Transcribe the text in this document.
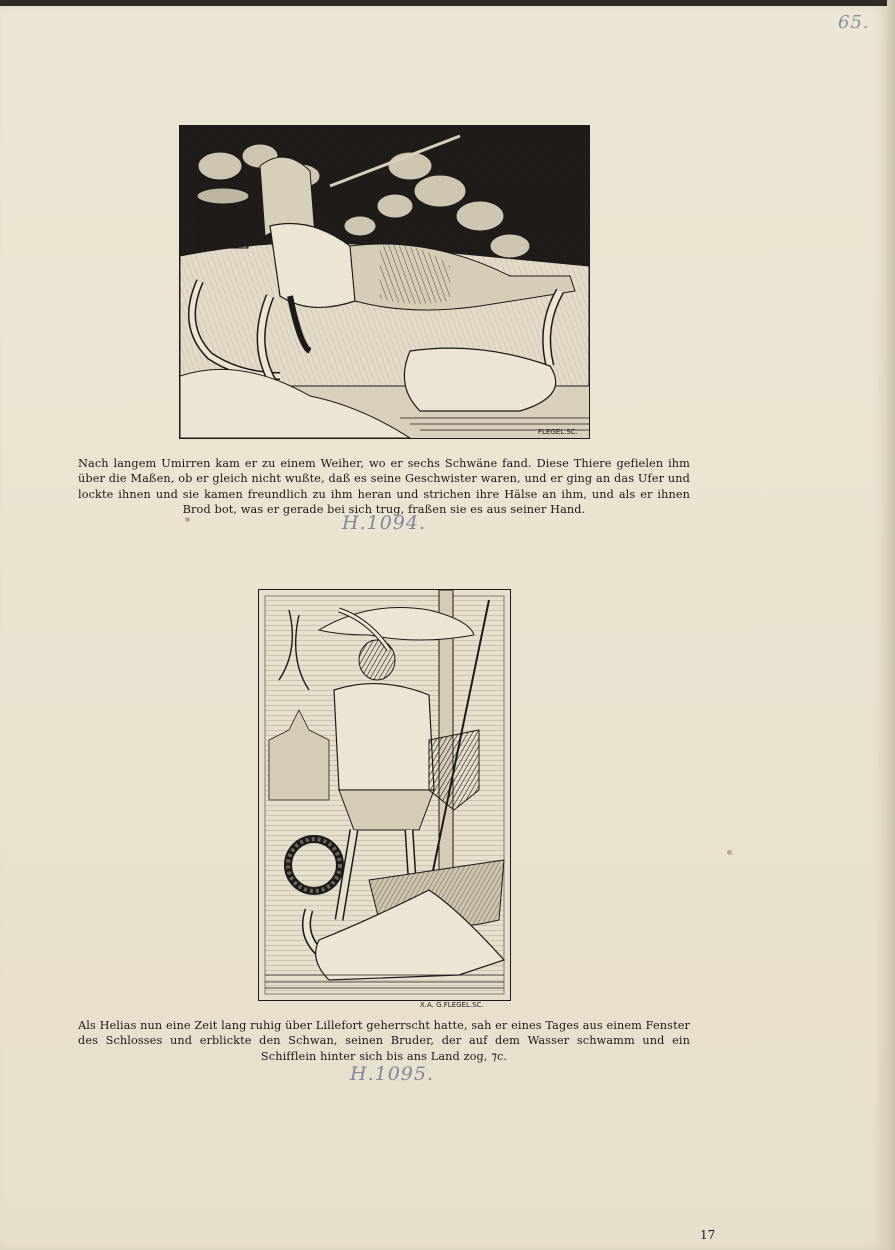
65.
FLEGEL.SC.
Nach langem Umirren kam er zu einem Weiher, wo er sechs Schwäne fand. Diese Thiere gefielen ihm über die Maßen, ob er gleich nicht wußte, daß es seine Geschwister waren, und er ging an das Ufer und lockte ihnen und sie kamen freundlich zu ihm heran und strichen ihre Hälse an ihm, und als er ihnen Brod bot, was er gerade bei sich trug, fraßen sie es aus seiner Hand.
H.1094.
X.A. G.FLEGEL.SC.
Als Helias nun eine Zeit lang ruhig über Lillefort geherrscht hatte, sah er eines Tages aus einem Fenster des Schlosses und erblickte den Schwan, seinen Bruder, der auf dem Wasser schwamm und ein Schifflein hinter sich bis ans Land zog, ⁊c.
H.1095.
17
